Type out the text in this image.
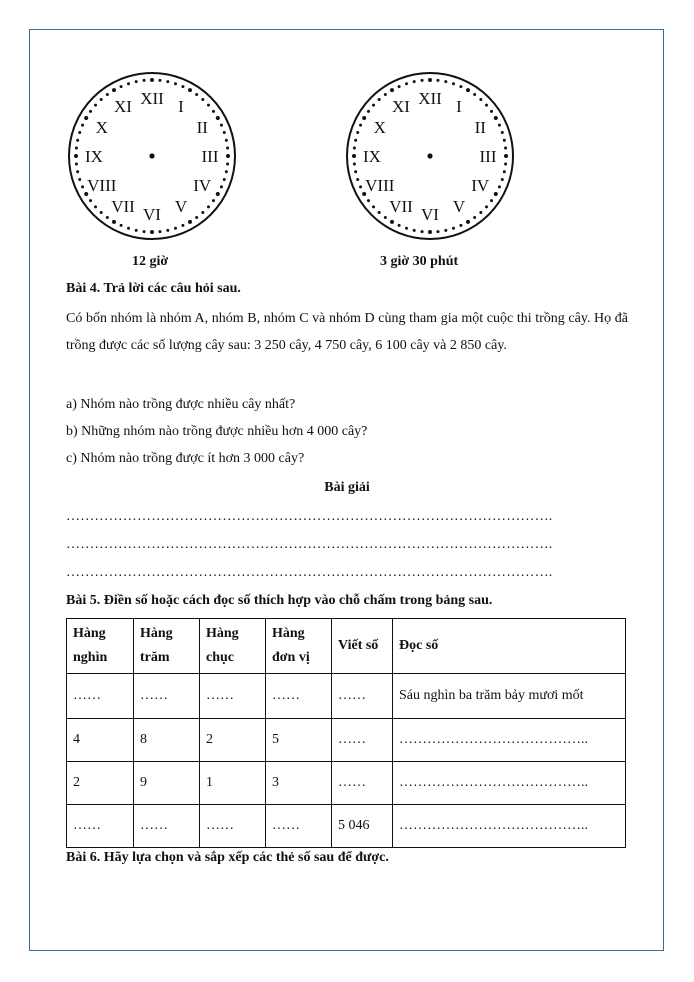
XII I
II
III
IV
V
VI
VII
VIII
IX
X
XI	XII I
II
III
IV
V
VI
VII
VIII
IX
X
XI
12 giờ	3 giờ 30 phút
Bài 4. Trả lời các câu hỏi sau.

Có bốn nhóm là nhóm A, nhóm B, nhóm C và nhóm D cùng tham gia một cuộc thi trồng cây. Họ đã trồng được các số lượng cây sau: 3 250 cây, 4 750 cây, 6 100 cây và 2 850 cây.

a) Nhóm nào trồng được nhiều cây nhất?
b) Những nhóm nào trồng được nhiều hơn 4 000 cây?
c) Nhóm nào trồng được ít hơn 3 000 cây?
Bài giải
………………………………………………………………………………………….
………………………………………………………………………………………….
………………………………………………………………………………………….
Bài 5. Điền số hoặc cách đọc số thích hợp vào chỗ chấm trong bảng sau.
Hàng
nghìn	Hàng
trăm	Hàng
chục	Hàng
đơn vị	Viết số	Đọc số
……	……	……	……	……	Sáu nghìn ba trăm bảy mươi mốt
4	8	2	5	……	…………………………………..
2	9	1	3	……	…………………………………..
……	……	……	……	5 046	…………………………………..
Bài 6. Hãy lựa chọn và sắp xếp các thẻ số sau để được.
